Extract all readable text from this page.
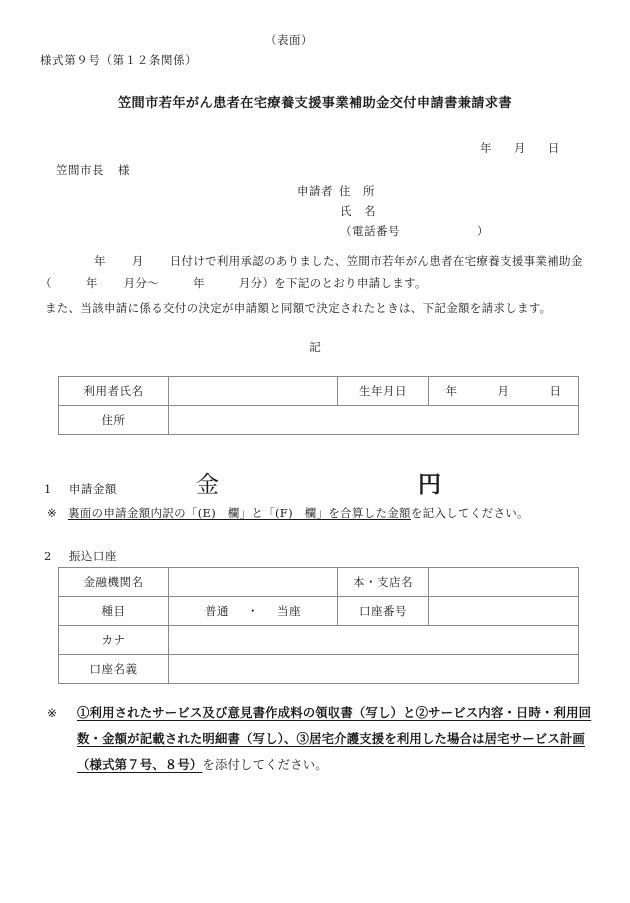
（表面）
様式第９号（第１２条関係）
笠間市若年がん患者在宅療養支援事業補助金交付申請書兼請求書
年 月 日
笠間市長 様
申請者 住　所
氏　名
（電話番号	）
年 月 日付けで利用承認のありました、笠間市若年がん患者在宅療養支援事業補助金
（	年 月分～	年	月分）を下記のとおり申請します。
また、当該申請に係る交付の決定が申請額と同額で決定されたときは、下記金額を請求します。
記
利用者氏名		生年月日	年 月 日
住所			
1 申請金額	金	円
※ 裏面の申請金額内訳の「(E)　欄」と「(F)　欄」を合算した金額を記入してください。
2 振込口座
金融機関名		本・支店名	
種目	普通 ・ 当座	口座番号	
カナ			
口座名義			
※ ①利用されたサービス及び意見書作成料の領収書（写し）と②サービス内容・日時・利用回数・金額が記載された明細書（写し）、③居宅介護支援を利用した場合は居宅サービス計画（様式第７号、８号）を添付してください。
